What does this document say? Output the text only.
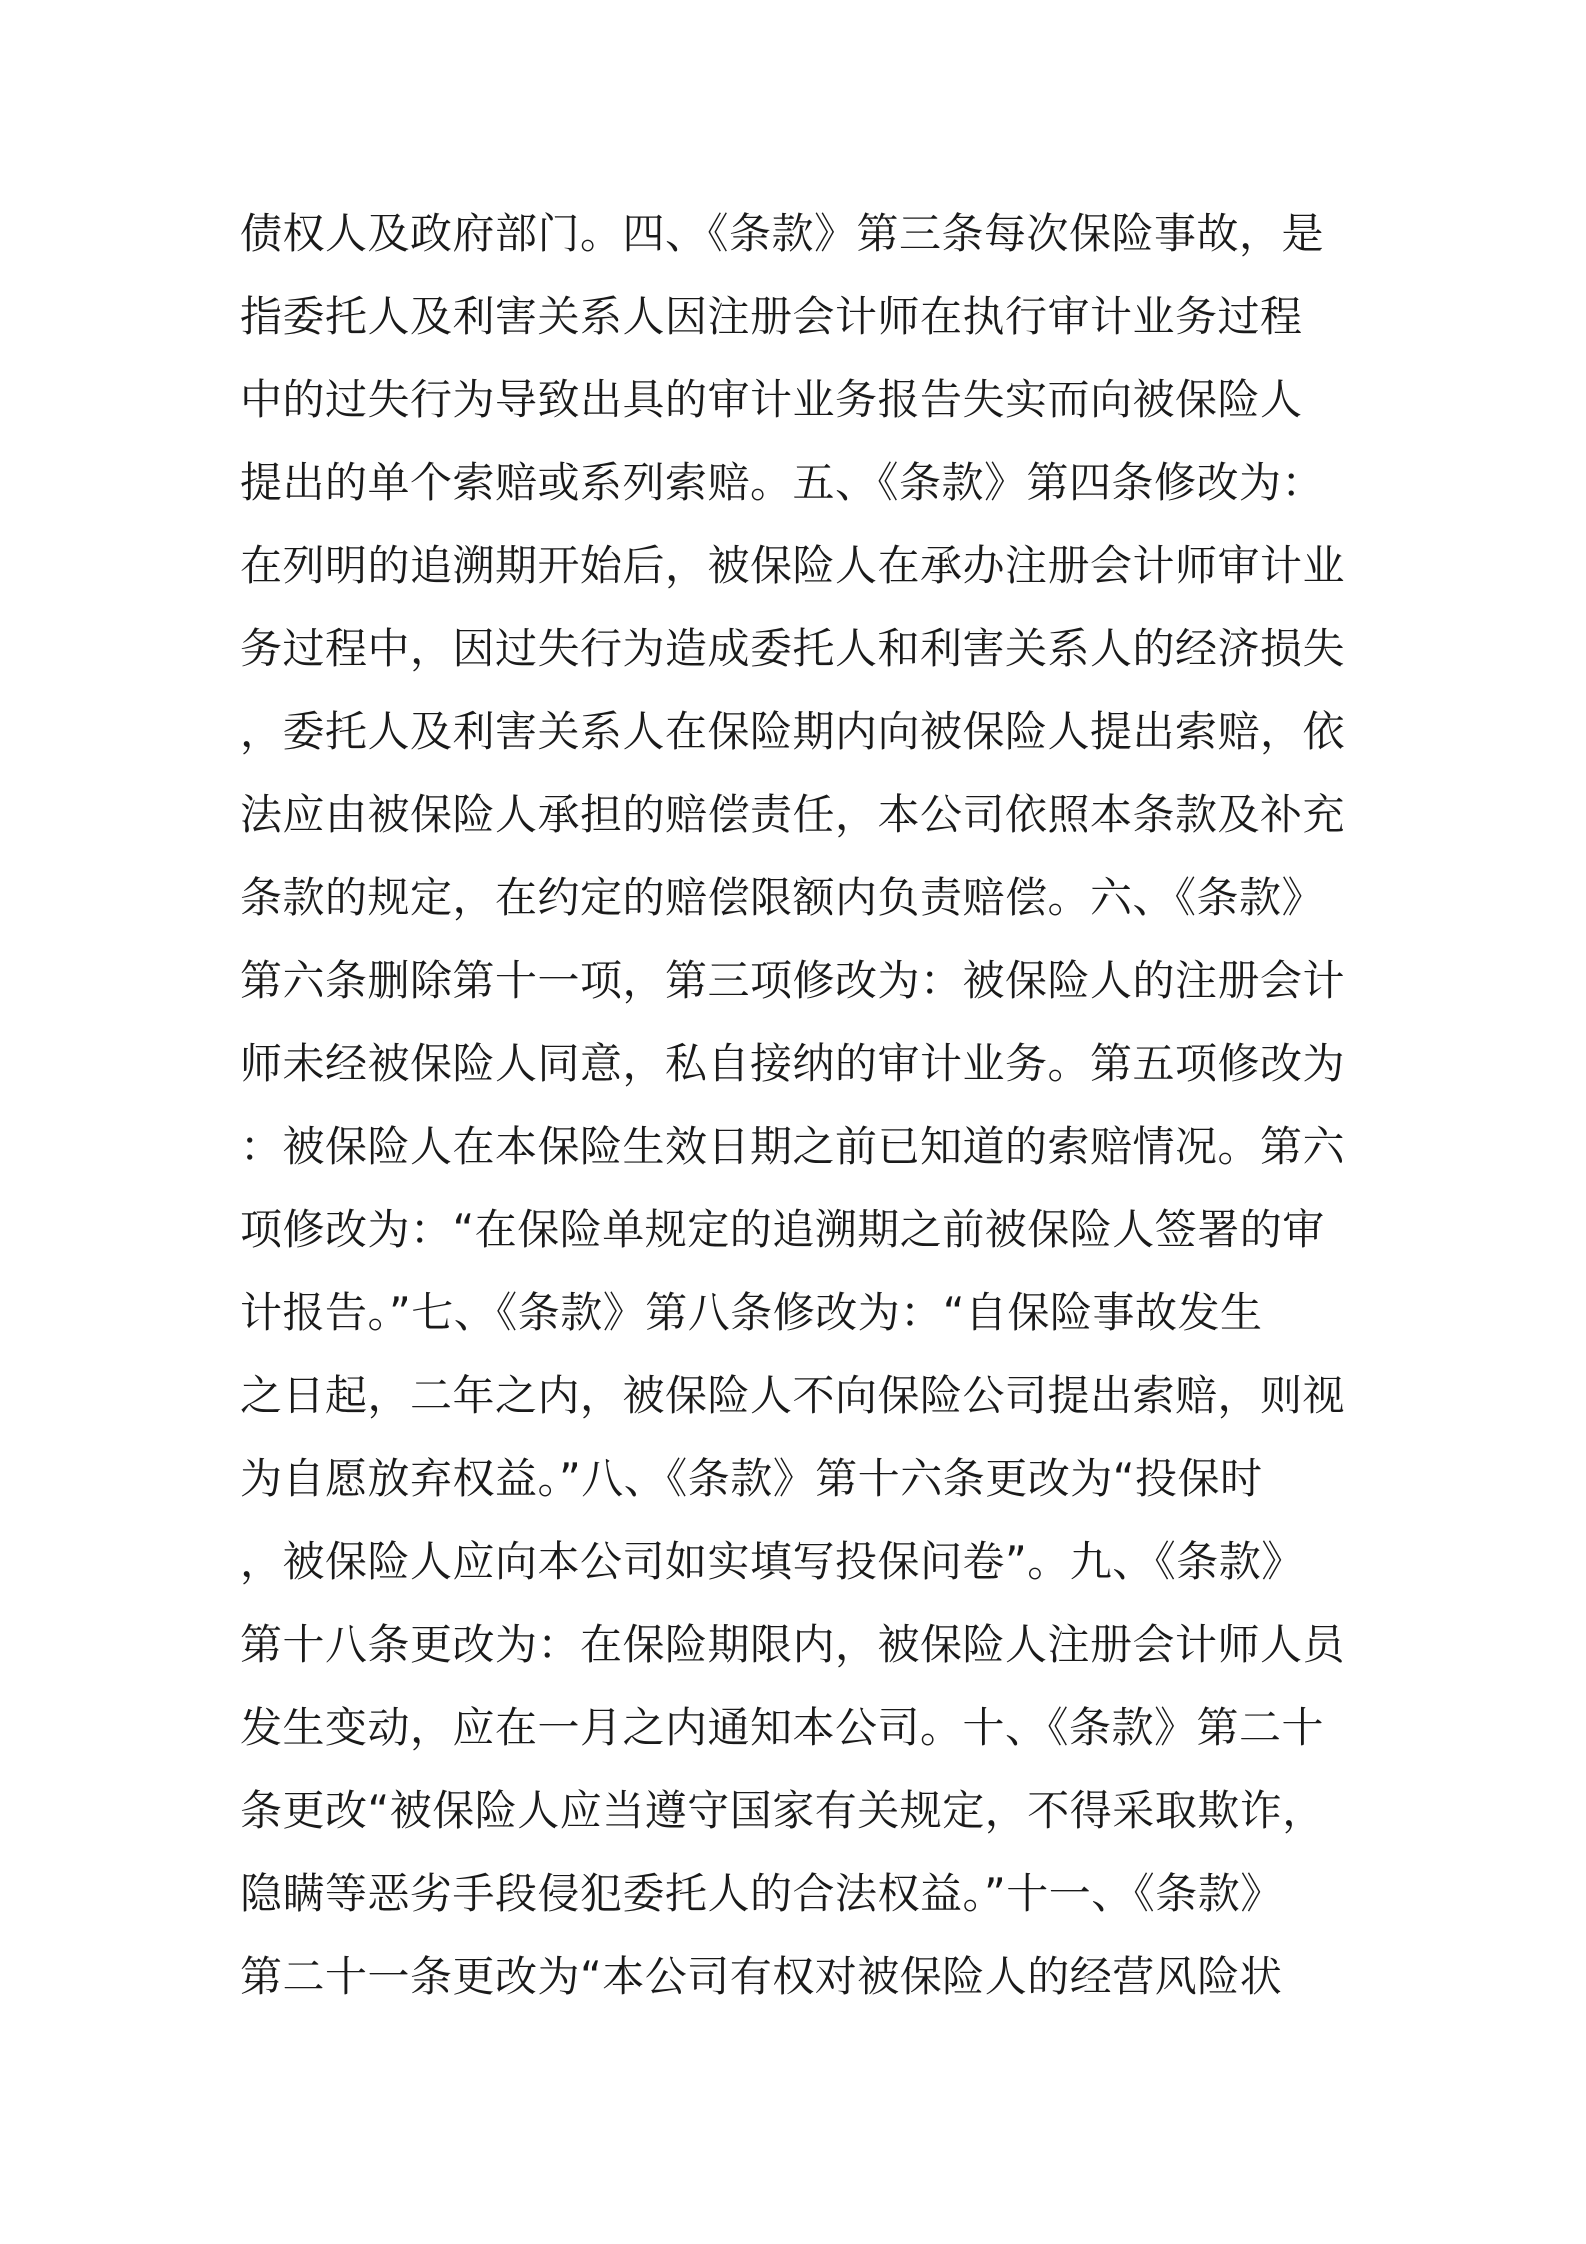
债权人及政府部门。四、《条款》第三条每次保险事故，是
指委托人及利害关系人因注册会计师在执行审计业务过程
中的过失行为导致出具的审计业务报告失实而向被保险人
提出的单个索赔或系列索赔。五、《条款》第四条修改为：
在列明的追溯期开始后，被保险人在承办注册会计师审计业
务过程中，因过失行为造成委托人和利害关系人的经济损失
，委托人及利害关系人在保险期内向被保险人提出索赔，依
法应由被保险人承担的赔偿责任，本公司依照本条款及补充
条款的规定，在约定的赔偿限额内负责赔偿。六、《条款》
第六条删除第十一项，第三项修改为：被保险人的注册会计
师未经被保险人同意，私自接纳的审计业务。第五项修改为
：被保险人在本保险生效日期之前已知道的索赔情况。第六
项修改为：“在保险单规定的追溯期之前被保险人签署的审
计报告。”七、《条款》第八条修改为：“自保险事故发生
之日起，二年之内，被保险人不向保险公司提出索赔，则视
为自愿放弃权益。”八、《条款》第十六条更改为“投保时
，被保险人应向本公司如实填写投保问卷”。九、《条款》
第十八条更改为：在保险期限内，被保险人注册会计师人员
发生变动，应在一月之内通知本公司。十、《条款》第二十
条更改“被保险人应当遵守国家有关规定，不得采取欺诈，
隐瞒等恶劣手段侵犯委托人的合法权益。”十一、《条款》
第二十一条更改为“本公司有权对被保险人的经营风险状
